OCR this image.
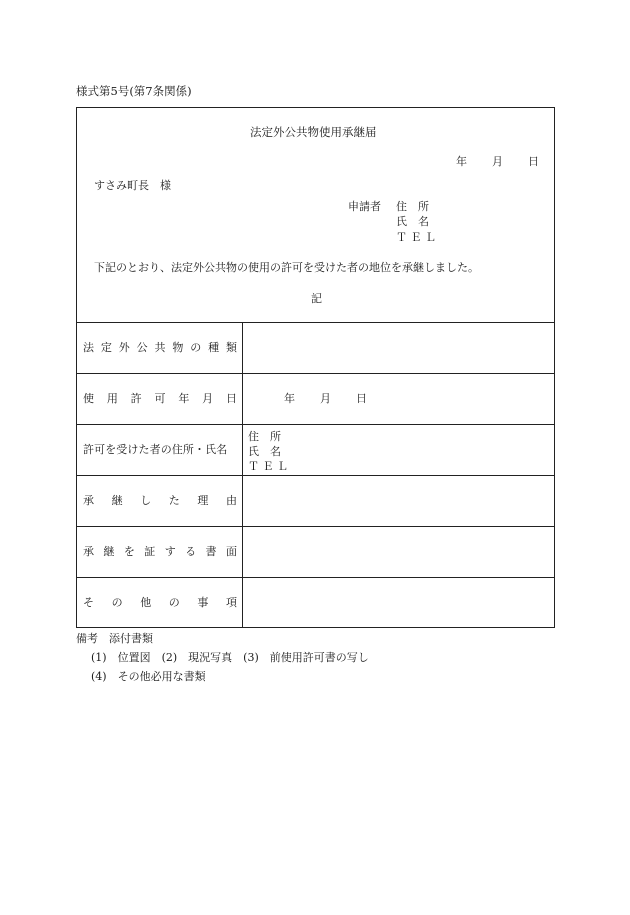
様式第5号(第7条関係)
法定外公共物使用承継届
年 月 日
すさみ町長　様
申請者 住　所
氏　名
Ｔ Ｅ Ｌ
下記のとおり、法定外公共物の使用の許可を受けた者の地位を承継しました。
記
法 定 外 公 共 物 の 種 類
使 用 許 可 年 月 日
許可を受けた者の住所・氏名
承 継 し た 理 由
承 継 を 証 す る 書 面
そ の 他 の 事 項
年 月 日
住　所
氏　名
Ｔ Ｅ Ｌ
備考　添付書類
(1)　位置図　(2)　現況写真　(3)　前使用許可書の写し
(4)　その他必用な書類
